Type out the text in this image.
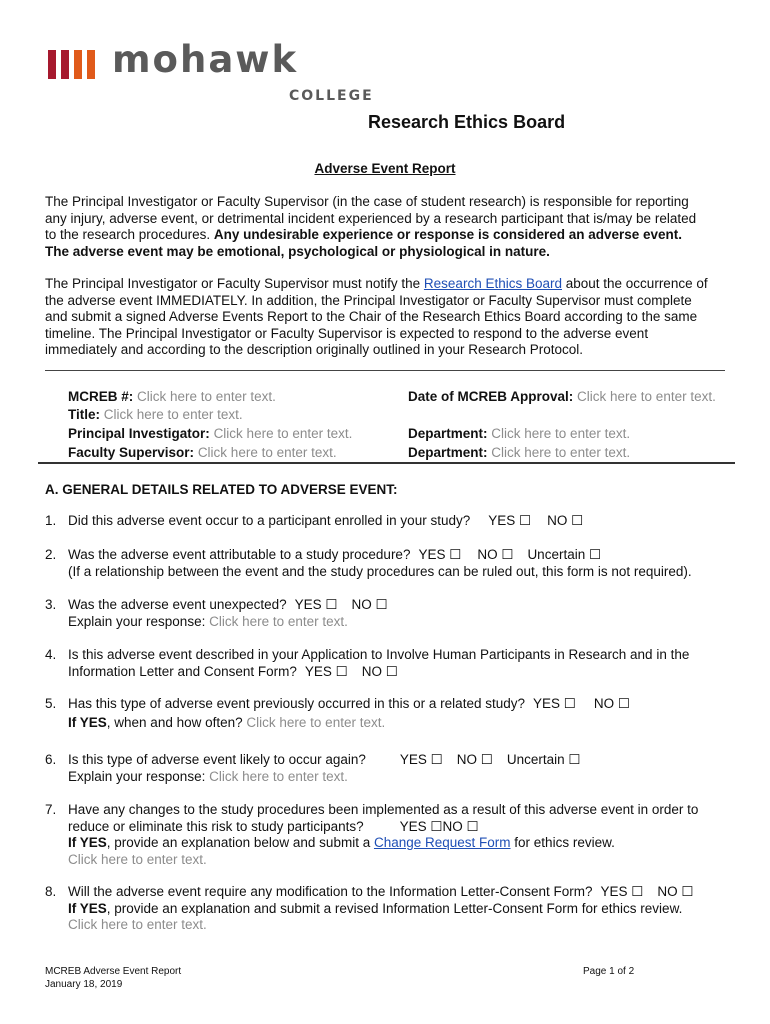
mohawk
COLLEGE
Research Ethics Board
Adverse Event Report
The Principal Investigator or Faculty Supervisor (in the case of student research) is responsible for reporting
any injury, adverse event, or detrimental incident experienced by a research participant that is/may be related
to the research procedures. Any undesirable experience or response is considered an adverse event.
The adverse event may be emotional, psychological or physiological in nature.
The Principal Investigator or Faculty Supervisor must notify the Research Ethics Board about the occurrence of
the adverse event IMMEDIATELY. In addition, the Principal Investigator or Faculty Supervisor must complete
and submit a signed Adverse Events Report to the Chair of the Research Ethics Board according to the same
timeline. The Principal Investigator or Faculty Supervisor is expected to respond to the adverse event
immediately and according to the description originally outlined in your Research Protocol.
MCREB #: Click here to enter text.
Title: Click here to enter text.
Principal Investigator: Click here to enter text.
Faculty Supervisor: Click here to enter text.
Date of MCREB Approval: Click here to enter text.
Department: Click here to enter text.
Department: Click here to enter text.
A. GENERAL DETAILS RELATED TO ADVERSE EVENT:
1. Did this adverse event occur to a participant enrolled in your study? YES ☐ NO ☐
2. Was the adverse event attributable to a study procedure? YES ☐ NO ☐ Uncertain ☐
(If a relationship between the event and the study procedures can be ruled out, this form is not required).
3. Was the adverse event unexpected? YES ☐ NO ☐
Explain your response: Click here to enter text.
4. Is this adverse event described in your Application to Involve Human Participants in Research and in the
Information Letter and Consent Form? YES ☐ NO ☐
5. Has this type of adverse event previously occurred in this or a related study? YES ☐ NO ☐
If YES, when and how often? Click here to enter text.
6. Is this type of adverse event likely to occur again?	YES ☐ NO ☐ Uncertain ☐
Explain your response: Click here to enter text.
7. Have any changes to the study procedures been implemented as a result of this adverse event in order to
reduce or eliminate this risk to study participants?	YES ☐NO ☐
If YES, provide an explanation below and submit a Change Request Form for ethics review.
Click here to enter text.
8. Will the adverse event require any modification to the Information Letter-Consent Form? YES ☐ NO ☐
If YES, provide an explanation and submit a revised Information Letter-Consent Form for ethics review.
Click here to enter text.
MCREB Adverse Event Report
January 18, 2019
Page 1 of 2
